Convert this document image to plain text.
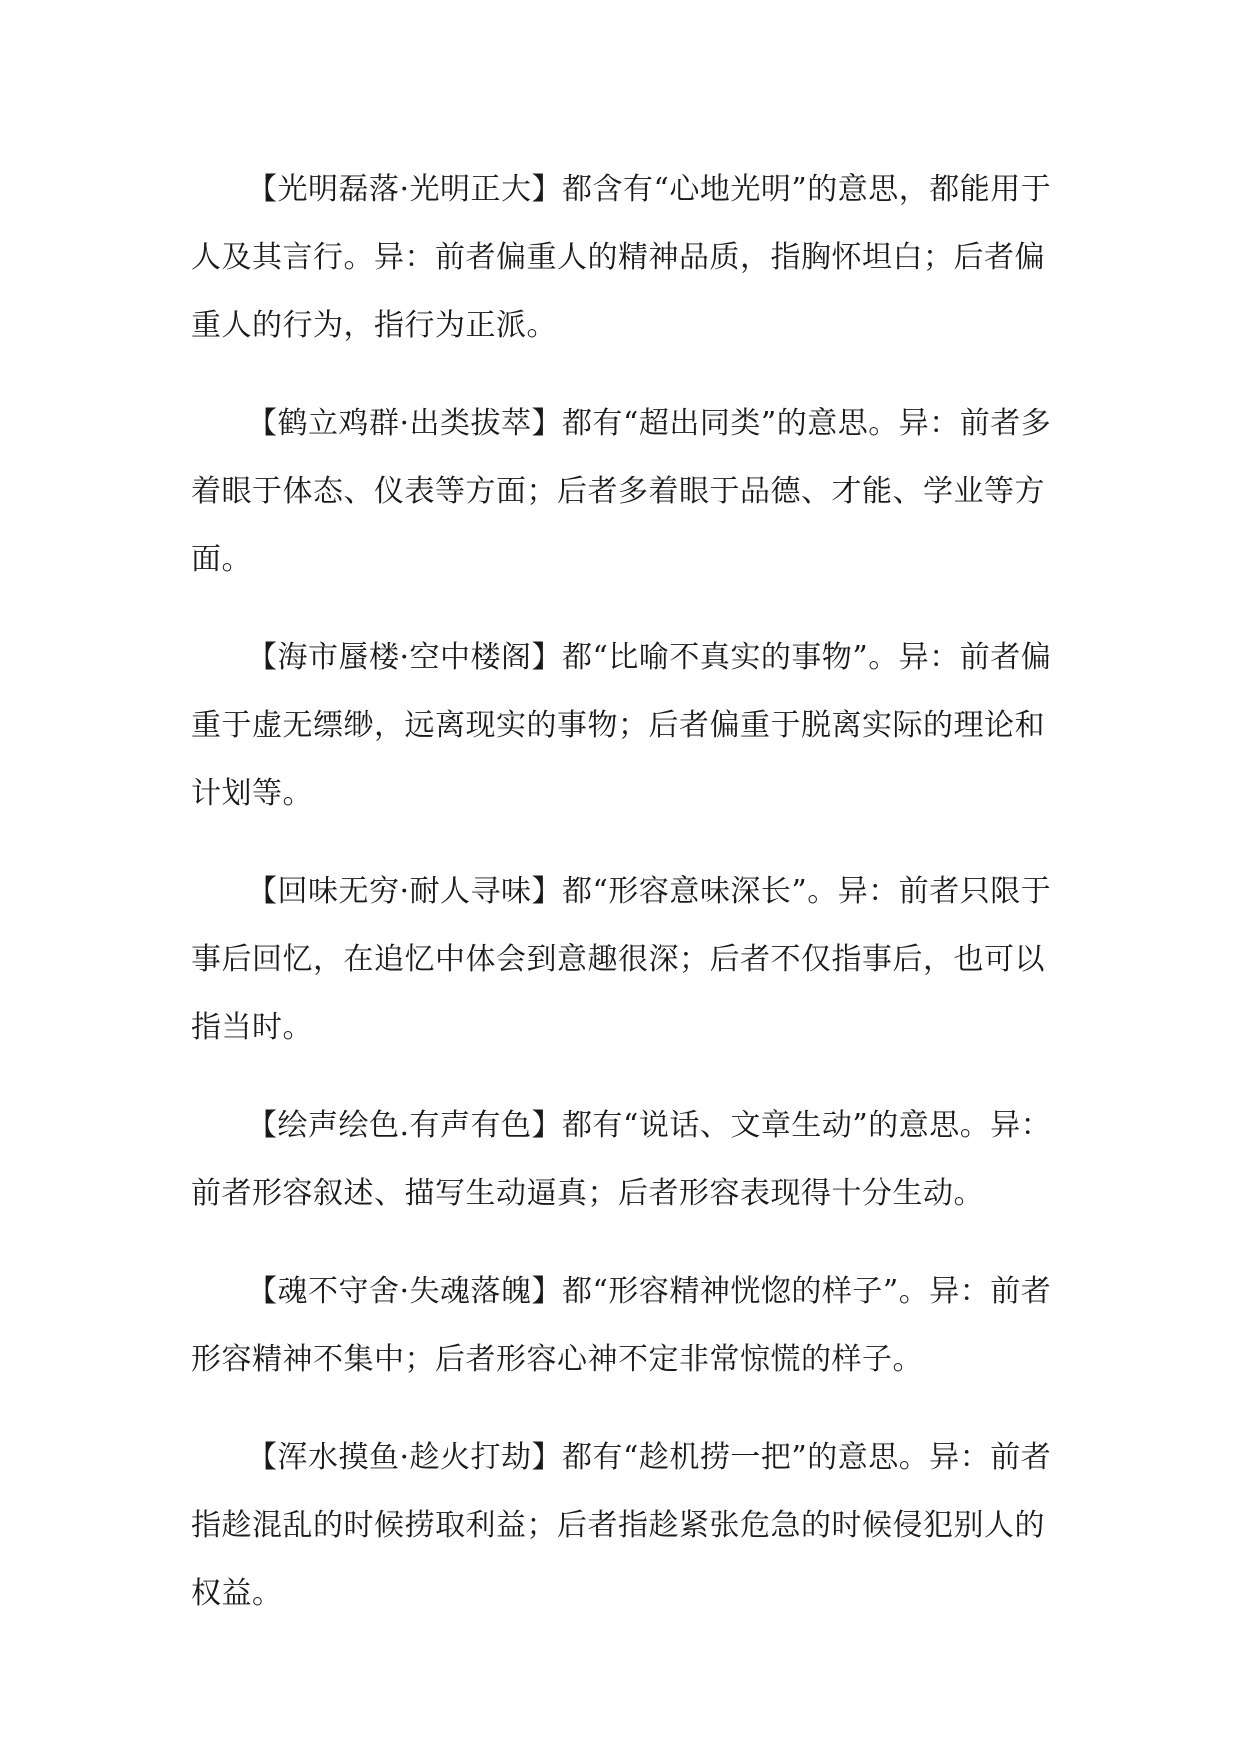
【光明磊落·光明正大】都含有“心地光明”的意思，都能用于人及其言行。异：前者偏重人的精神品质，指胸怀坦白；后者偏重人的行为，指行为正派。

【鹤立鸡群·出类拔萃】都有“超出同类”的意思。异：前者多着眼于体态、仪表等方面；后者多着眼于品德、才能、学业等方面。

【海市蜃楼·空中楼阁】都“比喻不真实的事物”。异：前者偏重于虚无缥缈，远离现实的事物；后者偏重于脱离实际的理论和计划等。

【回味无穷·耐人寻味】都“形容意味深长”。异：前者只限于事后回忆，在追忆中体会到意趣很深；后者不仅指事后，也可以指当时。

【绘声绘色.有声有色】都有“说话、文章生动”的意思。异：前者形容叙述、描写生动逼真；后者形容表现得十分生动。

【魂不守舍·失魂落魄】都“形容精神恍惚的样子”。异：前者形容精神不集中；后者形容心神不定非常惊慌的样子。

【浑水摸鱼·趁火打劫】都有“趁机捞一把”的意思。异：前者指趁混乱的时候捞取利益；后者指趁紧张危急的时候侵犯别人的权益。
